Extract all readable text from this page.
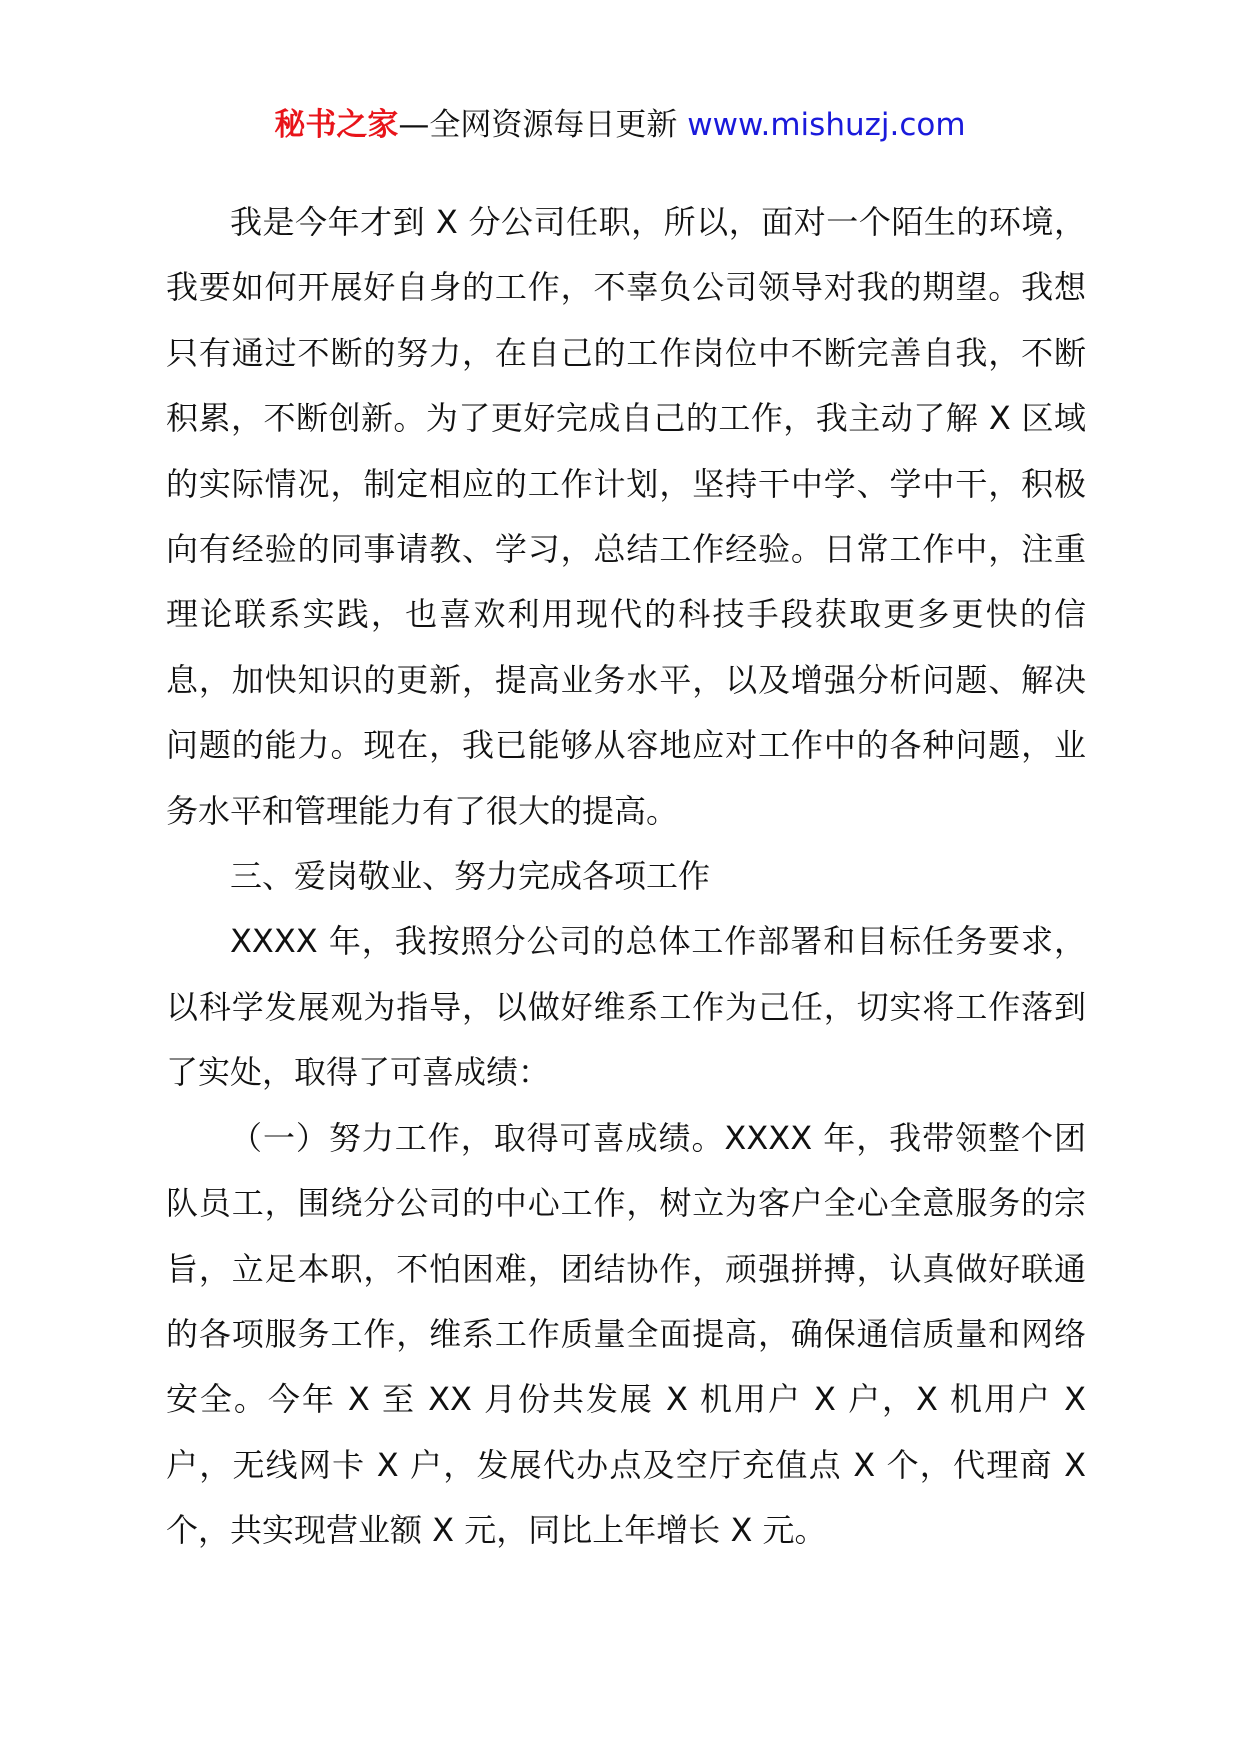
秘书之家—全网资源每日更新 www.mishuzj.com

我是今年才到 X 分公司任职，所以，面对一个陌生的环境，我要如何开展好自身的工作，不辜负公司领导对我的期望。我想只有通过不断的努力，在自己的工作岗位中不断完善自我，不断积累，不断创新。为了更好完成自己的工作，我主动了解 X 区域的实际情况，制定相应的工作计划，坚持干中学、学中干，积极向有经验的同事请教、学习，总结工作经验。日常工作中，注重理论联系实践，也喜欢利用现代的科技手段获取更多更快的信息，加快知识的更新，提高业务水平，以及增强分析问题、解决问题的能力。现在，我已能够从容地应对工作中的各种问题，业务水平和管理能力有了很大的提高。

三、爱岗敬业、努力完成各项工作

XXXX 年，我按照分公司的总体工作部署和目标任务要求，以科学发展观为指导，以做好维系工作为己任，切实将工作落到了实处，取得了可喜成绩：

（一）努力工作，取得可喜成绩。XXXX 年，我带领整个团队员工，围绕分公司的中心工作，树立为客户全心全意服务的宗旨，立足本职，不怕困难，团结协作，顽强拼搏，认真做好联通的各项服务工作，维系工作质量全面提高，确保通信质量和网络安全。今年 X 至 XX 月份共发展 X 机用户 X 户，X 机用户 X 户，无线网卡 X 户，发展代办点及空厅充值点 X 个，代理商 X 个，共实现营业额 X 元，同比上年增长 X 元。
